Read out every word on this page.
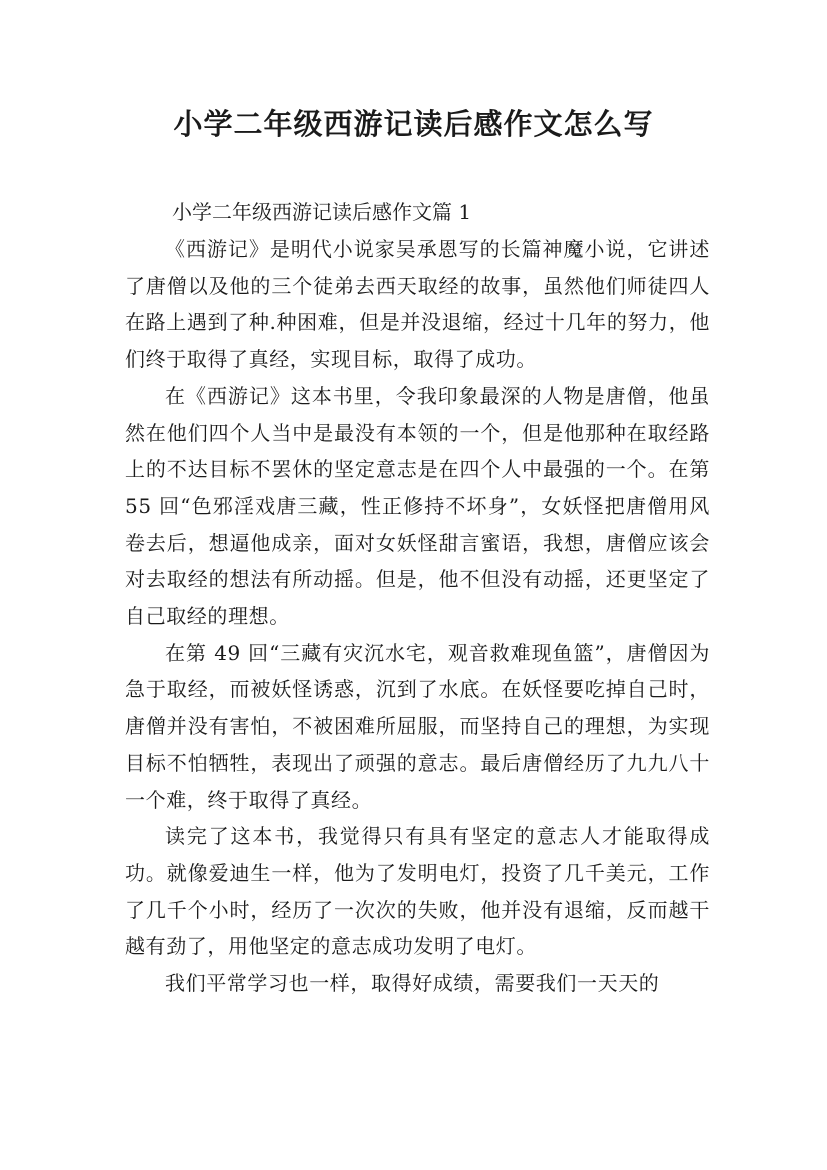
小学二年级西游记读后感作文怎么写
小学二年级西游记读后感作文篇 1

《西游记》是明代小说家吴承恩写的长篇神魔小说，它讲述了唐僧以及他的三个徒弟去西天取经的故事，虽然他们师徒四人在路上遇到了种.种困难，但是并没退缩，经过十几年的努力，他们终于取得了真经，实现目标，取得了成功。

在《西游记》这本书里，令我印象最深的人物是唐僧，他虽然在他们四个人当中是最没有本领的一个，但是他那种在取经路上的不达目标不罢休的坚定意志是在四个人中最强的一个。在第 55 回“色邪淫戏唐三藏，性正修持不坏身”，女妖怪把唐僧用风卷去后，想逼他成亲，面对女妖怪甜言蜜语，我想，唐僧应该会对去取经的想法有所动摇。但是，他不但没有动摇，还更坚定了自己取经的理想。

在第 49 回“三藏有灾沉水宅，观音救难现鱼篮”，唐僧因为急于取经，而被妖怪诱惑，沉到了水底。在妖怪要吃掉自己时，唐僧并没有害怕，不被困难所屈服，而坚持自己的理想，为实现目标不怕牺牲，表现出了顽强的意志。最后唐僧经历了九九八十一个难，终于取得了真经。

读完了这本书，我觉得只有具有坚定的意志人才能取得成功。就像爱迪生一样，他为了发明电灯，投资了几千美元，工作了几千个小时，经历了一次次的失败，他并没有退缩，反而越干越有劲了，用他坚定的意志成功发明了电灯。

我们平常学习也一样，取得好成绩，需要我们一天天的
